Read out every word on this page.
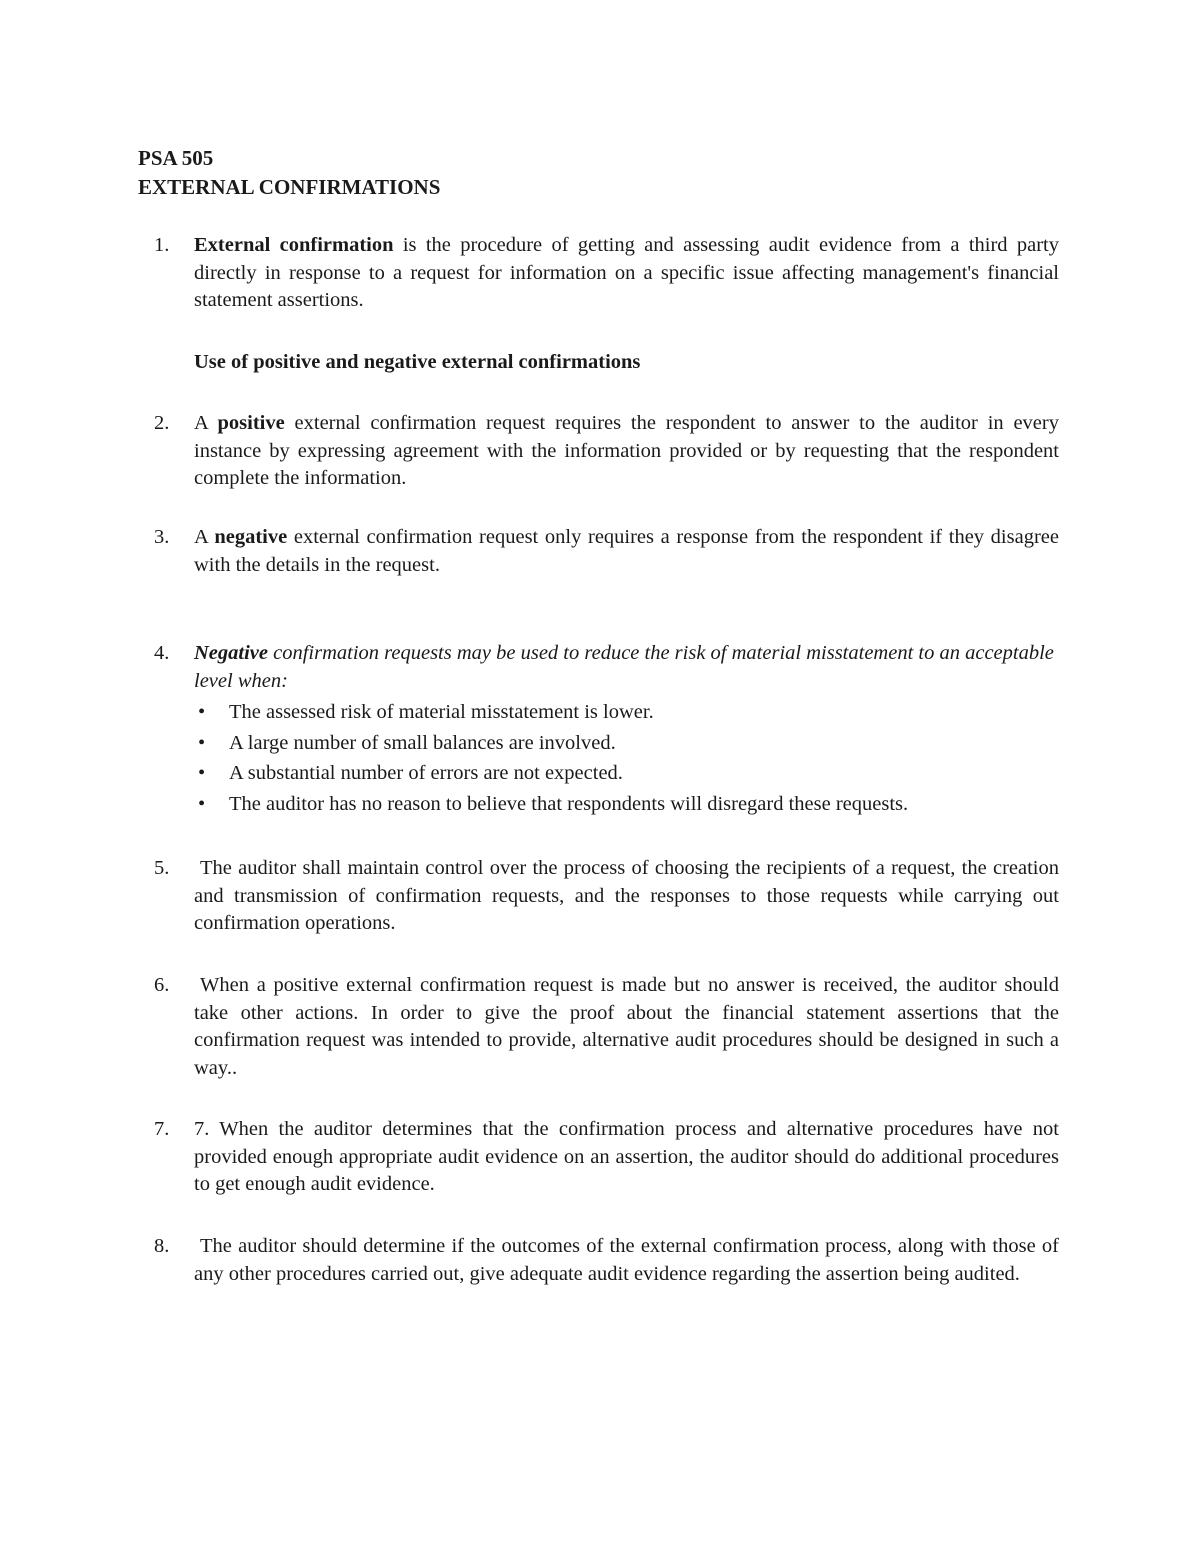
PSA 505

EXTERNAL CONFIRMATIONS

1.	External confirmation is the procedure of getting and assessing audit evidence from a third party directly in response to a request for information on a specific issue affecting management's financial statement assertions.
Use of positive and negative external confirmations
2.	A positive external confirmation request requires the respondent to answer to the auditor in every instance by expressing agreement with the information provided or by requesting that the respondent complete the information.
3.	A negative external confirmation request only requires a response from the respondent if they disagree with the details in the request.
4.	Negative confirmation requests may be used to reduce the risk of material misstatement to an acceptable level when:
• The assessed risk of material misstatement is lower.
• A large number of small balances are involved.
• A substantial number of errors are not expected.
• The auditor has no reason to believe that respondents will disregard these requests.
5.	The auditor shall maintain control over the process of choosing the recipients of a request, the creation and transmission of confirmation requests, and the responses to those requests while carrying out confirmation operations.
6.	When a positive external confirmation request is made but no answer is received, the auditor should take other actions. In order to give the proof about the financial statement assertions that the confirmation request was intended to provide, alternative audit procedures should be designed in such a way..
7.	7. When the auditor determines that the confirmation process and alternative procedures have not provided enough appropriate audit evidence on an assertion, the auditor should do additional procedures to get enough audit evidence.
8.	The auditor should determine if the outcomes of the external confirmation process, along with those of any other procedures carried out, give adequate audit evidence regarding the assertion being audited.
